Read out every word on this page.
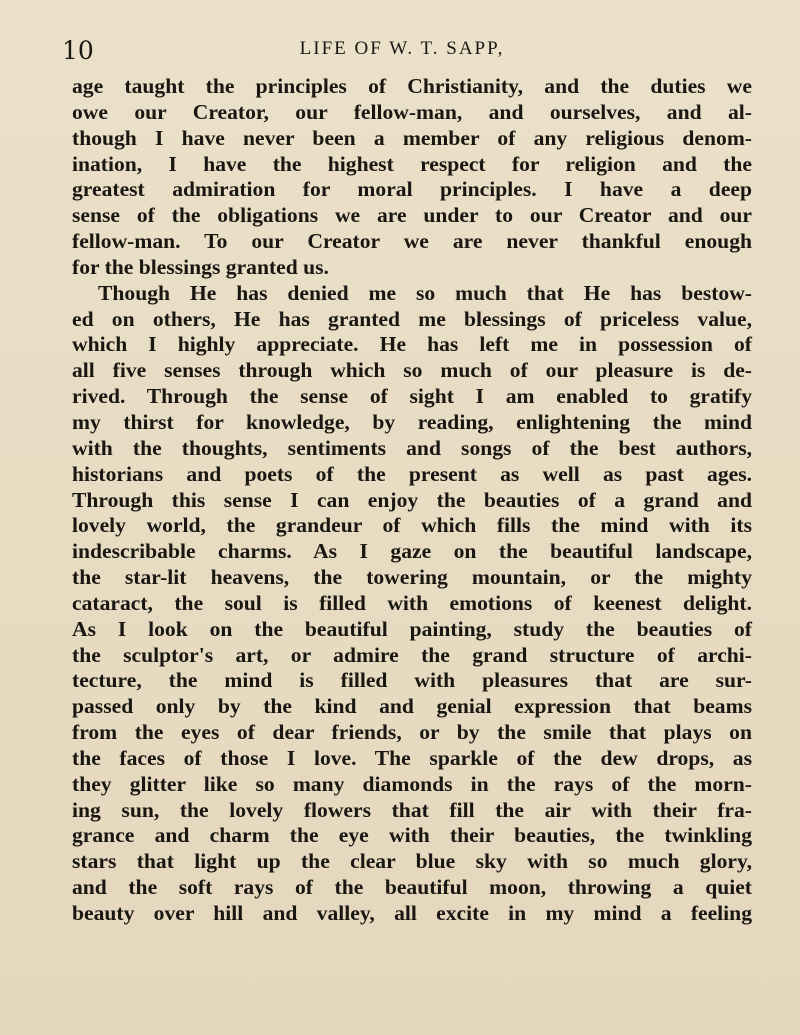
10	LIFE OF W. T. SAPP,
age taught the principles of Christianity, and the duties we
owe our Creator, our fellow-man, and ourselves, and al-
though I have never been a member of any religious denom-
ination, I have the highest respect for religion and the
greatest admiration for moral principles. I have a deep
sense of the obligations we are under to our Creator and our
fellow-man. To our Creator we are never thankful enough
for the blessings granted us.
Though He has denied me so much that He has bestow-
ed on others, He has granted me blessings of priceless value,
which I highly appreciate. He has left me in possession of
all five senses through which so much of our pleasure is de-
rived. Through the sense of sight I am enabled to gratify
my thirst for knowledge, by reading, enlightening the mind
with the thoughts, sentiments and songs of the best authors,
historians and poets of the present as well as past ages.
Through this sense I can enjoy the beauties of a grand and
lovely world, the grandeur of which fills the mind with its
indescribable charms. As I gaze on the beautiful landscape,
the star-lit heavens, the towering mountain, or the mighty
cataract, the soul is filled with emotions of keenest delight.
As I look on the beautiful painting, study the beauties of
the sculptor's art, or admire the grand structure of archi-
tecture, the mind is filled with pleasures that are sur-
passed only by the kind and genial expression that beams
from the eyes of dear friends, or by the smile that plays on
the faces of those I love. The sparkle of the dew drops, as
they glitter like so many diamonds in the rays of the morn-
ing sun, the lovely flowers that fill the air with their fra-
grance and charm the eye with their beauties, the twinkling
stars that light up the clear blue sky with so much glory,
and the soft rays of the beautiful moon, throwing a quiet
beauty over hill and valley, all excite in my mind a feeling
